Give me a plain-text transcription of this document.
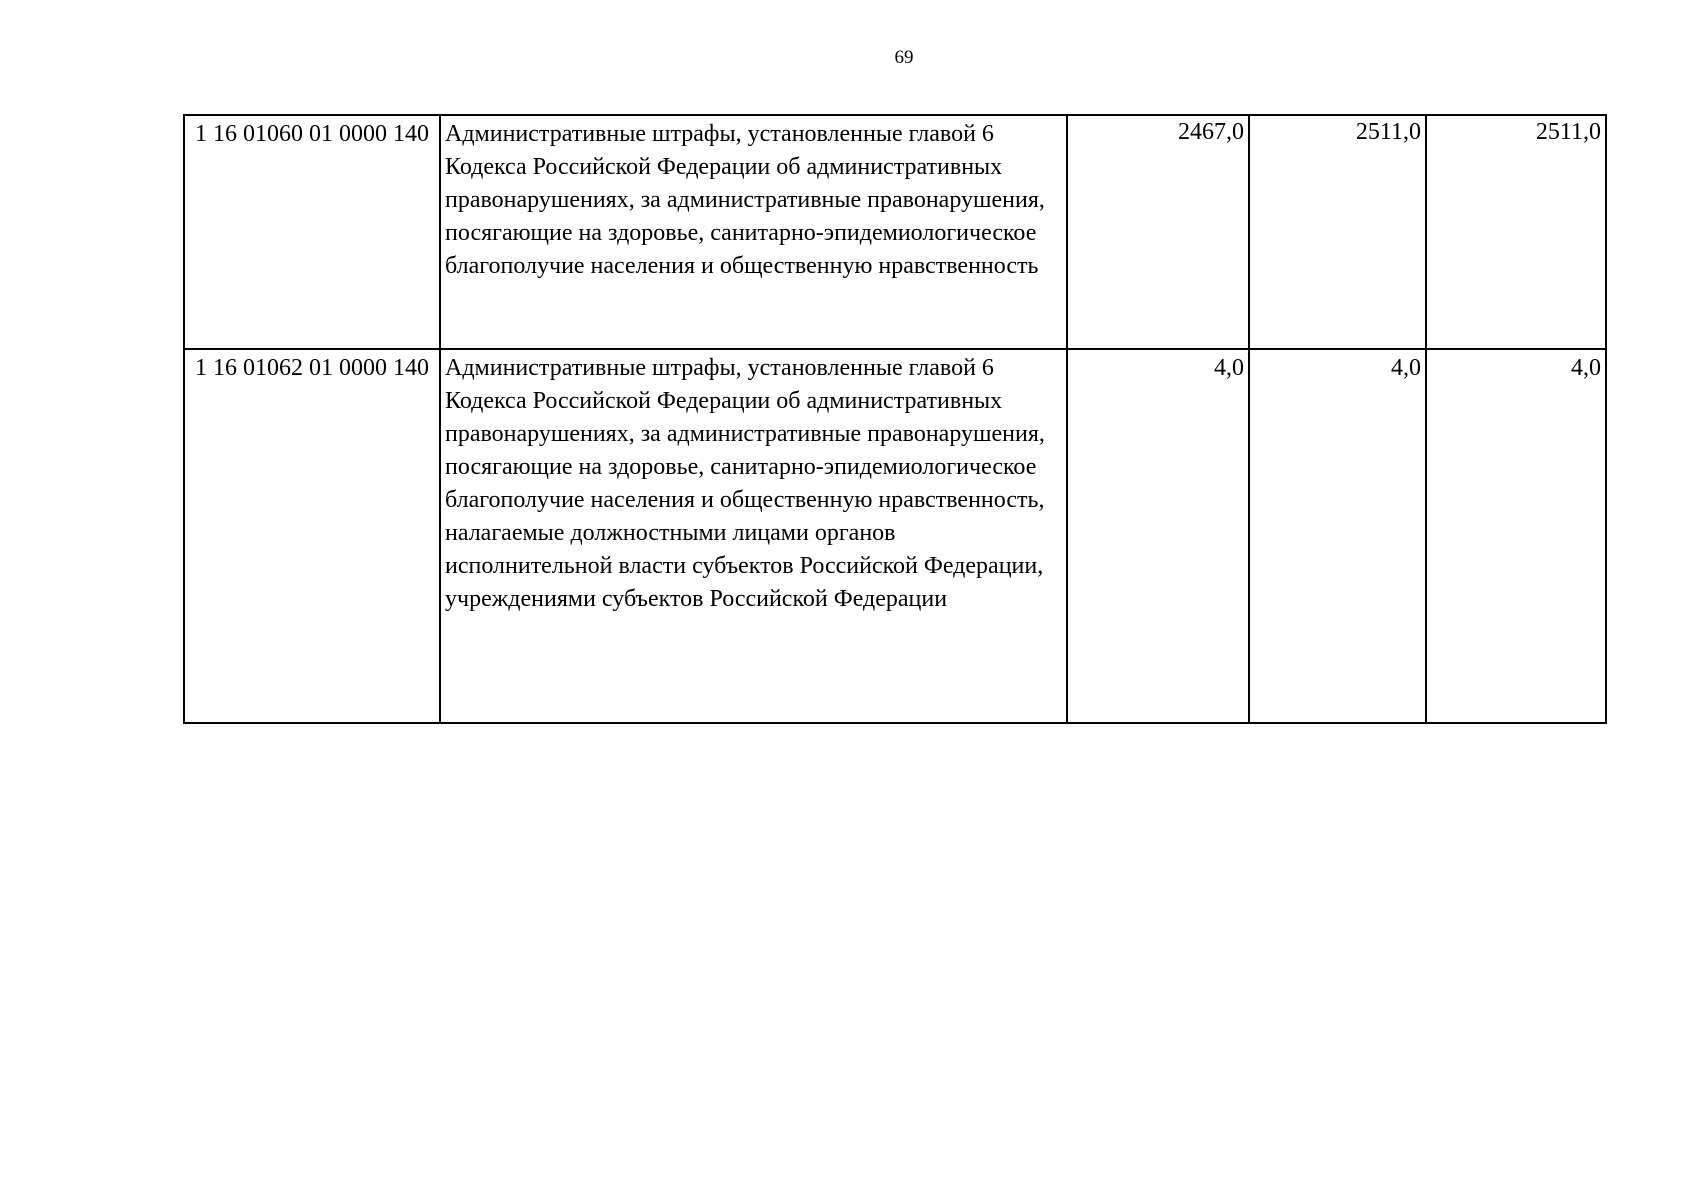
69
1 16 01060 01 0000 140	Административные штрафы, установленные главой 6 Кодекса Российской Федерации об административных правонарушениях, за административные правонарушения, посягающие на здоровье, санитарно-эпидемиологическое благополучие населения и общественную нравственность	2467,0	2511,0	2511,0
1 16 01062 01 0000 140	Административные штрафы, установленные главой 6 Кодекса Российской Федерации об административных правонарушениях, за административные правонарушения, посягающие на здоровье, санитарно-эпидемиологическое благополучие населения и общественную нравственность, налагаемые должностными лицами органов исполнительной власти субъектов Российской Федерации, учреждениями субъектов Российской Федерации	4,0	4,0	4,0
